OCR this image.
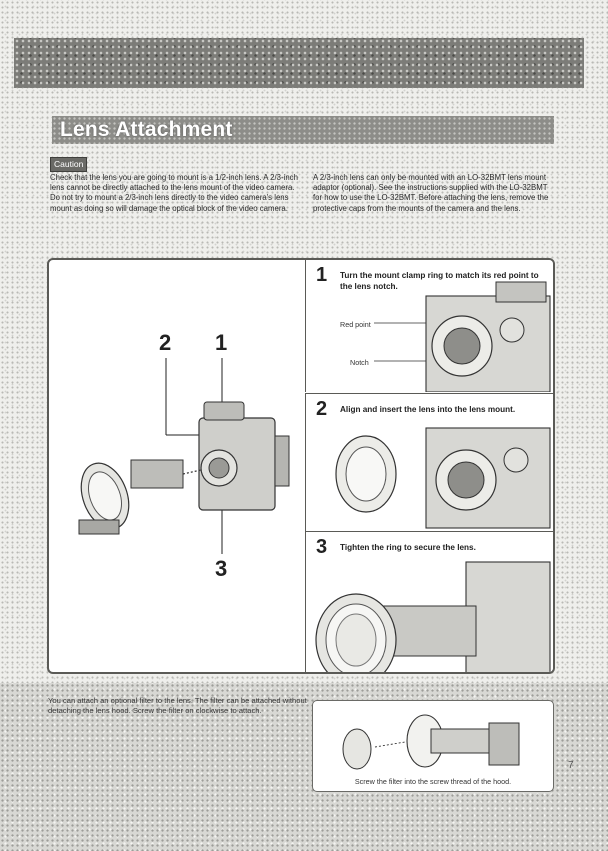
Lens Attachment
Caution
Check that the lens you are going to mount is a 1/2-inch lens. A 2/3-inch lens cannot be directly attached to the lens mount of the video camera. Do not try to mount a 2/3-inch lens directly to the video camera's lens mount as doing so will damage the optical block of the video camera.
A 2/3-inch lens can only be mounted with an LO-32BMT lens mount adaptor (optional). See the instructions supplied with the LO-32BMT for how to use the LO-32BMT. Before attaching the lens, remove the protective caps from the mounts of the camera and the lens.
2 1
3
1 Turn the mount clamp ring to match its red point to the lens notch.
Red point
Notch
2 Align and insert the lens into the lens mount.
3 Tighten the ring to secure the lens.
You can attach an optional filter to the lens. The filter can be attached without detaching the lens hood. Screw the filter on clockwise to attach.
Screw the filter into the screw thread of the hood.
7
